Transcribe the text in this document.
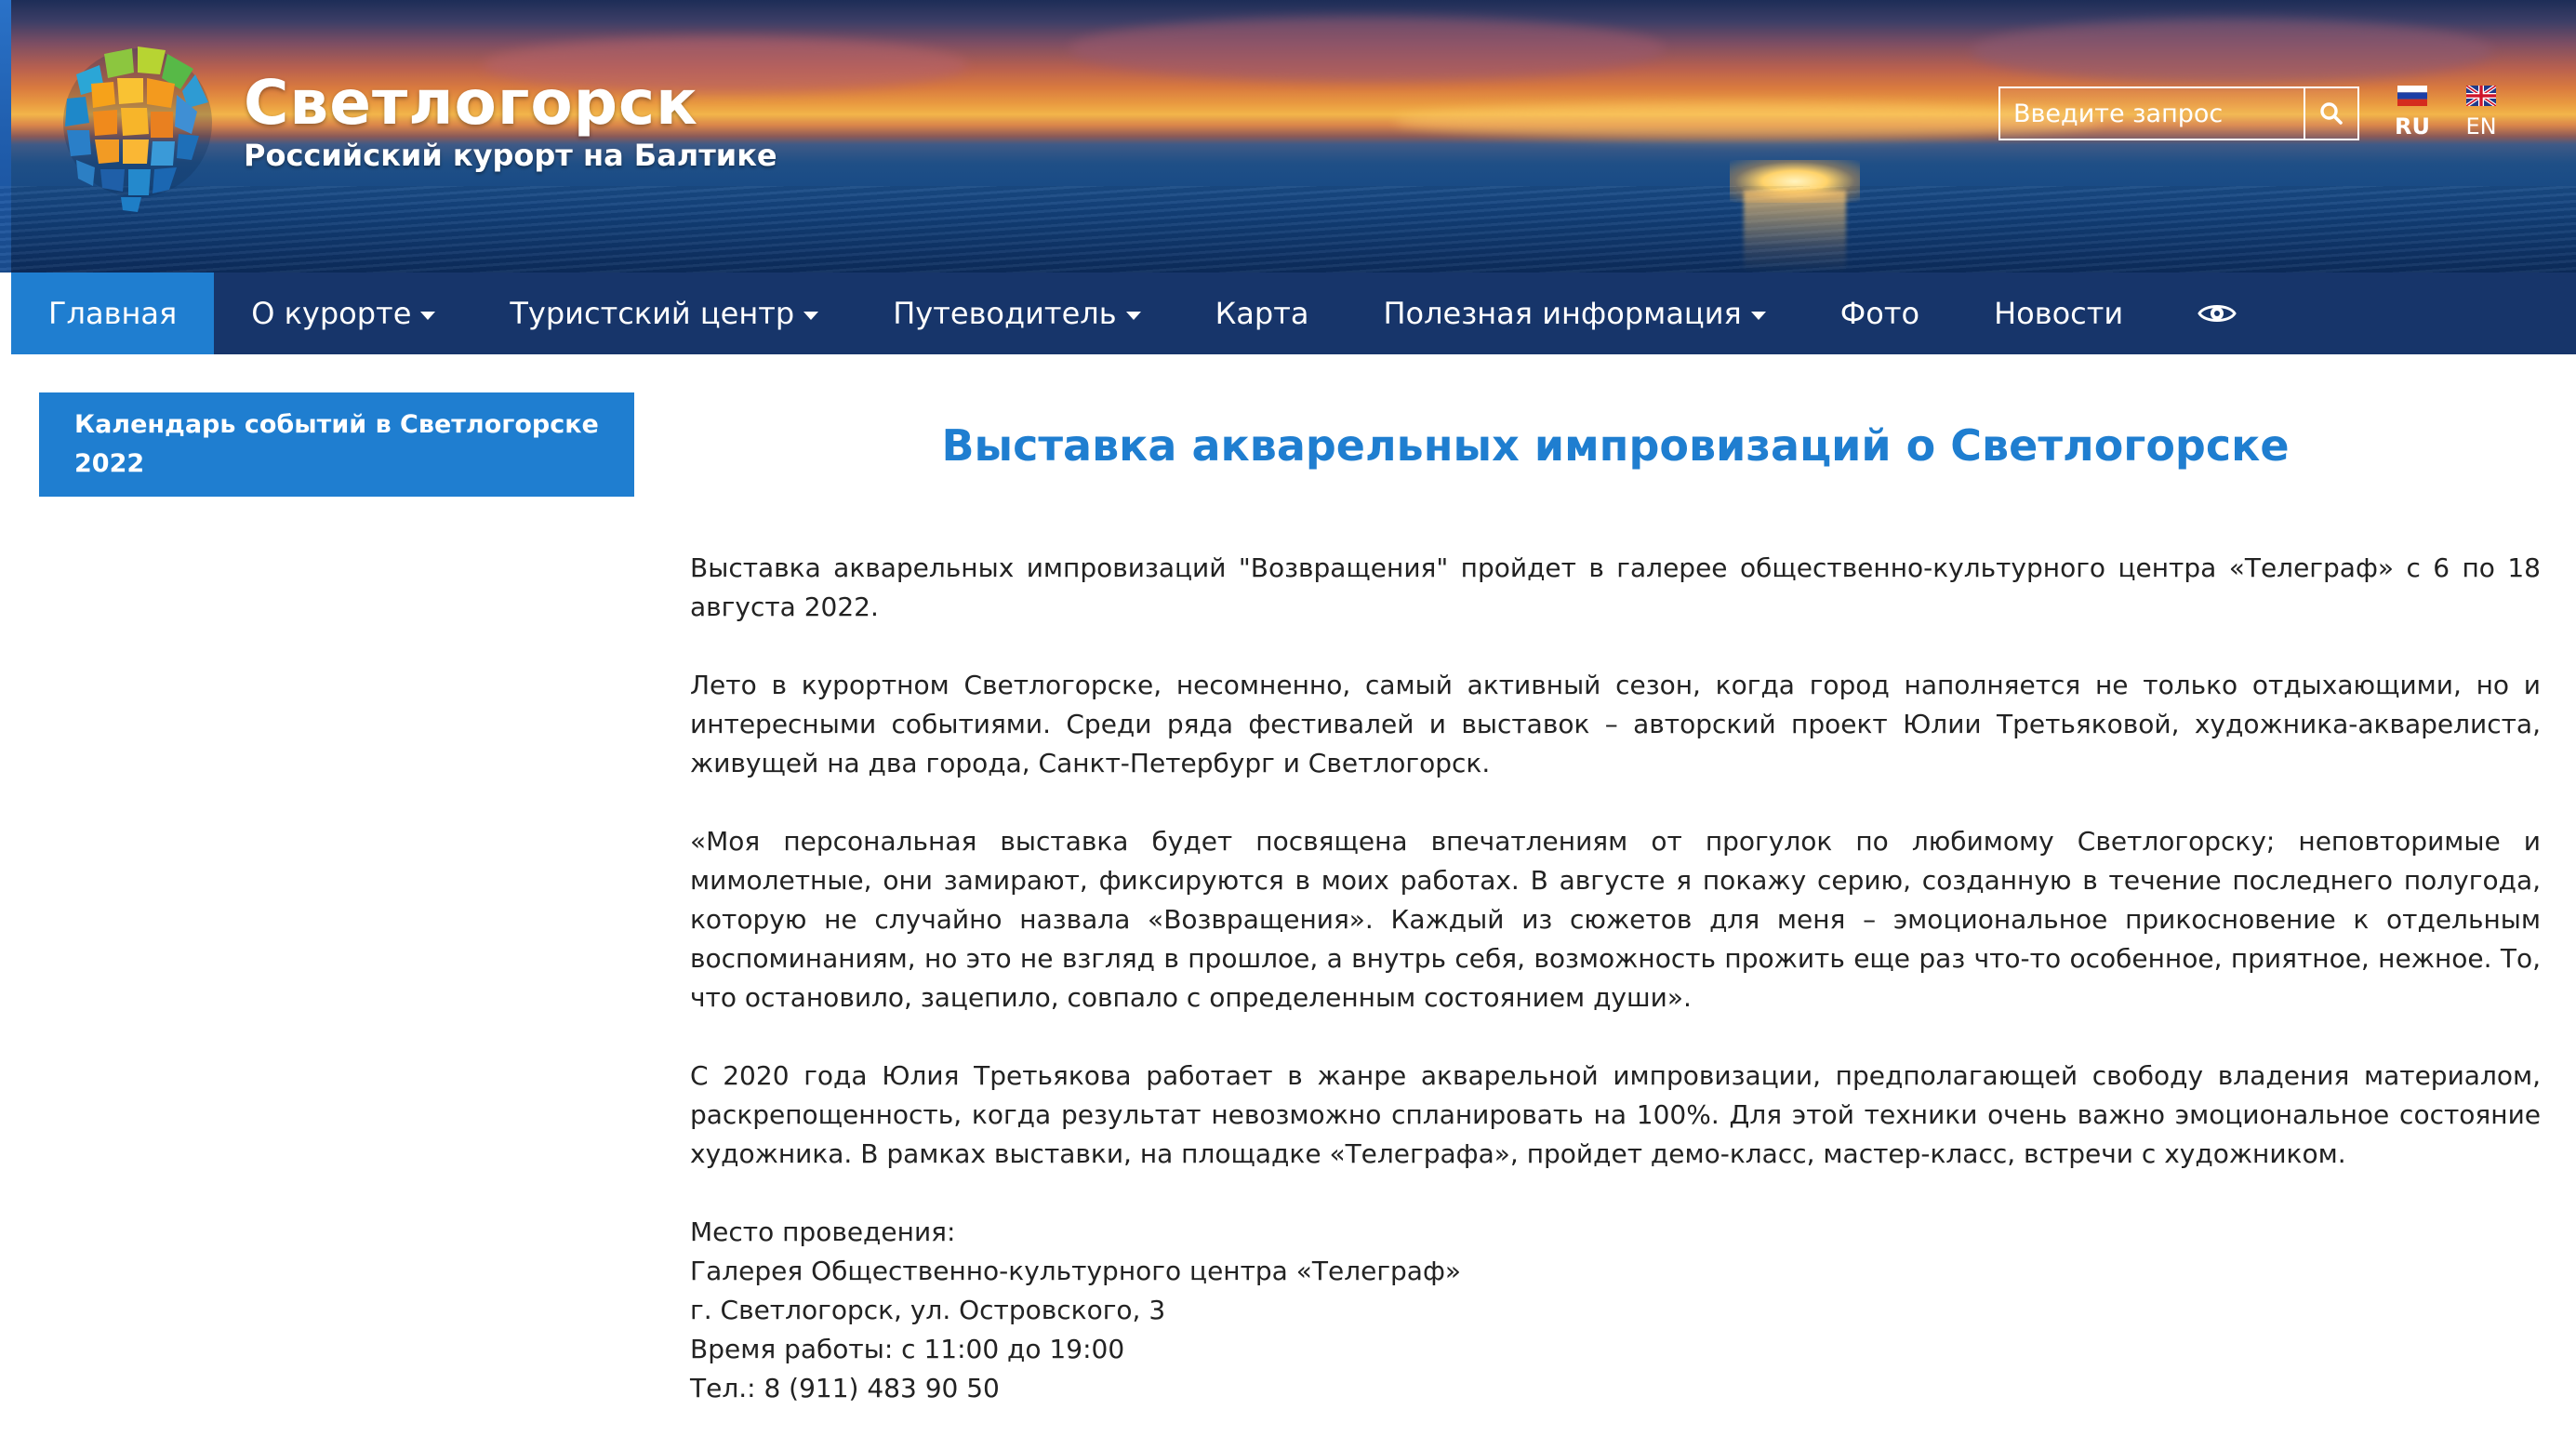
Светлогорск
Российский курорт на Балтике
Введите запрос
RU	EN
Главная	О курорте	Туристский центр	Путеводитель	Карта	Полезная информация	Фото	Новости
Календарь событий в Светлогорске 2022	Выставка акварельных импровизаций о Светлогорске

Выставка акварельных импровизаций "Возвращения" пройдет в галерее общественно-культурного центра «Телеграф» с 6 по 18 августа 2022.

Лето в курортном Светлогорске, несомненно, самый активный сезон, когда город наполняется не только отдыхающими, но и интересными событиями. Среди ряда фестивалей и выставок – авторский проект Юлии Третьяковой, художника-акварелиста, живущей на два города, Санкт-Петербург и Светлогорск.

«Моя персональная выставка будет посвящена впечатлениям от прогулок по любимому Светлогорску; неповторимые и мимолетные, они замирают, фиксируются в моих работах. В августе я покажу серию, созданную в течение последнего полугода, которую не случайно назвала «Возвращения». Каждый из сюжетов для меня – эмоциональное прикосновение к отдельным воспоминаниям, но это не взгляд в прошлое, а внутрь себя, возможность прожить еще раз что-то особенное, приятное, нежное. То, что остановило, зацепило, совпало с определенным состоянием души».

С 2020 года Юлия Третьякова работает в жанре акварельной импровизации, предполагающей свободу владения материалом, раскрепощенность, когда результат невозможно спланировать на 100%. Для этой техники очень важно эмоциональное состояние художника. В рамках выставки, на площадке «Телеграфа», пройдет демо-класс, мастер-класс, встречи с художником.

Место проведения:
Галерея Общественно-культурного центра «Телеграф»
г. Светлогорск, ул. Островского, 3
Время работы: с 11:00 до 19:00
Тел.: 8 (911) 483 90 50
